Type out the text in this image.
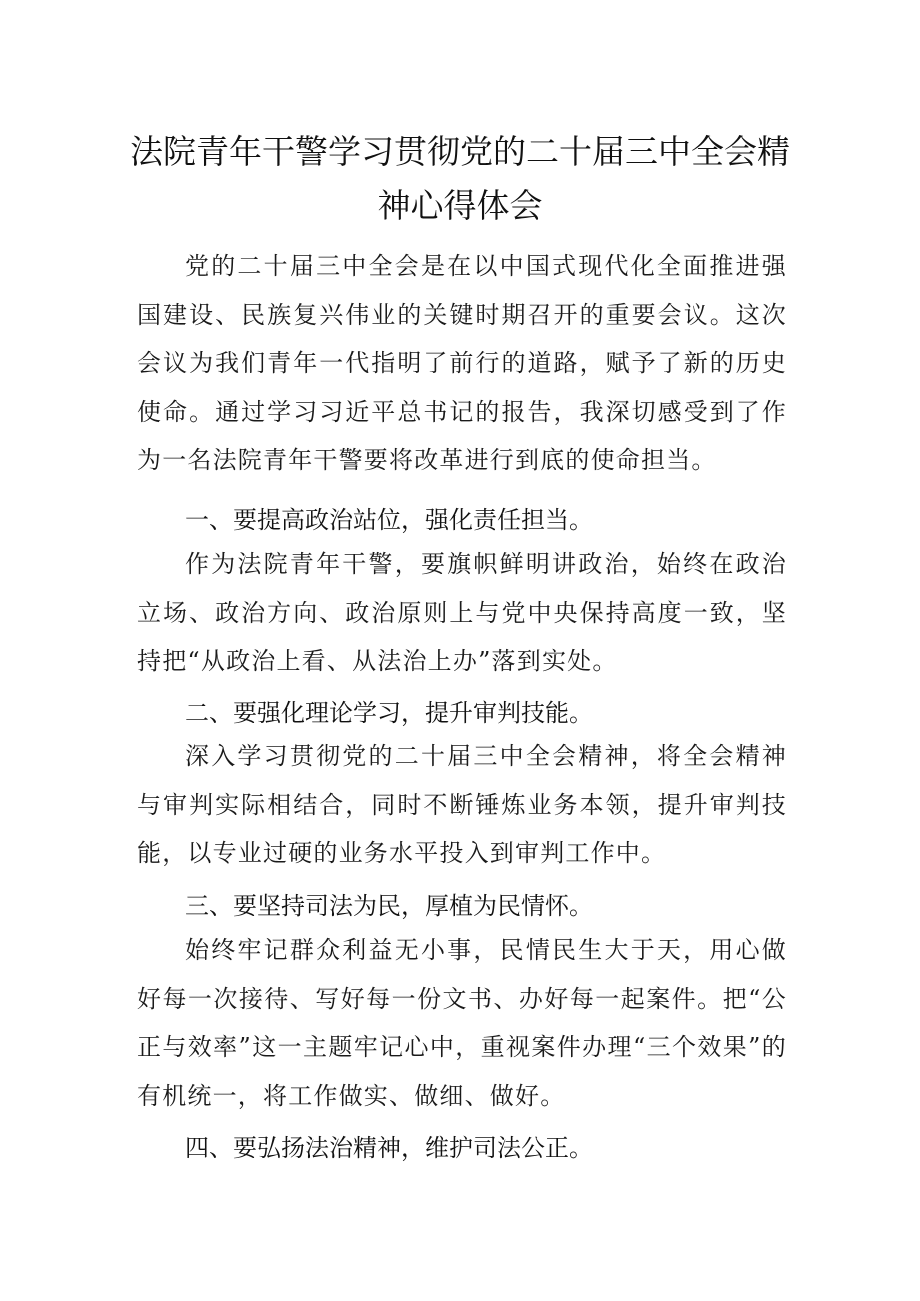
法院青年干警学习贯彻党的二十届三中全会精
神心得体会

党的二十届三中全会是在以中国式现代化全面推进强国建设、民族复兴伟业的关键时期召开的重要会议。这次会议为我们青年一代指明了前行的道路，赋予了新的历史使命。通过学习习近平总书记的报告，我深切感受到了作为一名法院青年干警要将改革进行到底的使命担当。

一、要提高政治站位，强化责任担当。

作为法院青年干警，要旗帜鲜明讲政治，始终在政治立场、政治方向、政治原则上与党中央保持高度一致，坚持把“从政治上看、从法治上办”落到实处。

二、要强化理论学习，提升审判技能。

深入学习贯彻党的二十届三中全会精神，将全会精神与审判实际相结合，同时不断锤炼业务本领，提升审判技能，以专业过硬的业务水平投入到审判工作中。

三、要坚持司法为民，厚植为民情怀。

始终牢记群众利益无小事，民情民生大于天，用心做好每一次接待、写好每一份文书、办好每一起案件。把“公正与效率”这一主题牢记心中，重视案件办理“三个效果”的有机统一，将工作做实、做细、做好。

四、要弘扬法治精神，维护司法公正。
